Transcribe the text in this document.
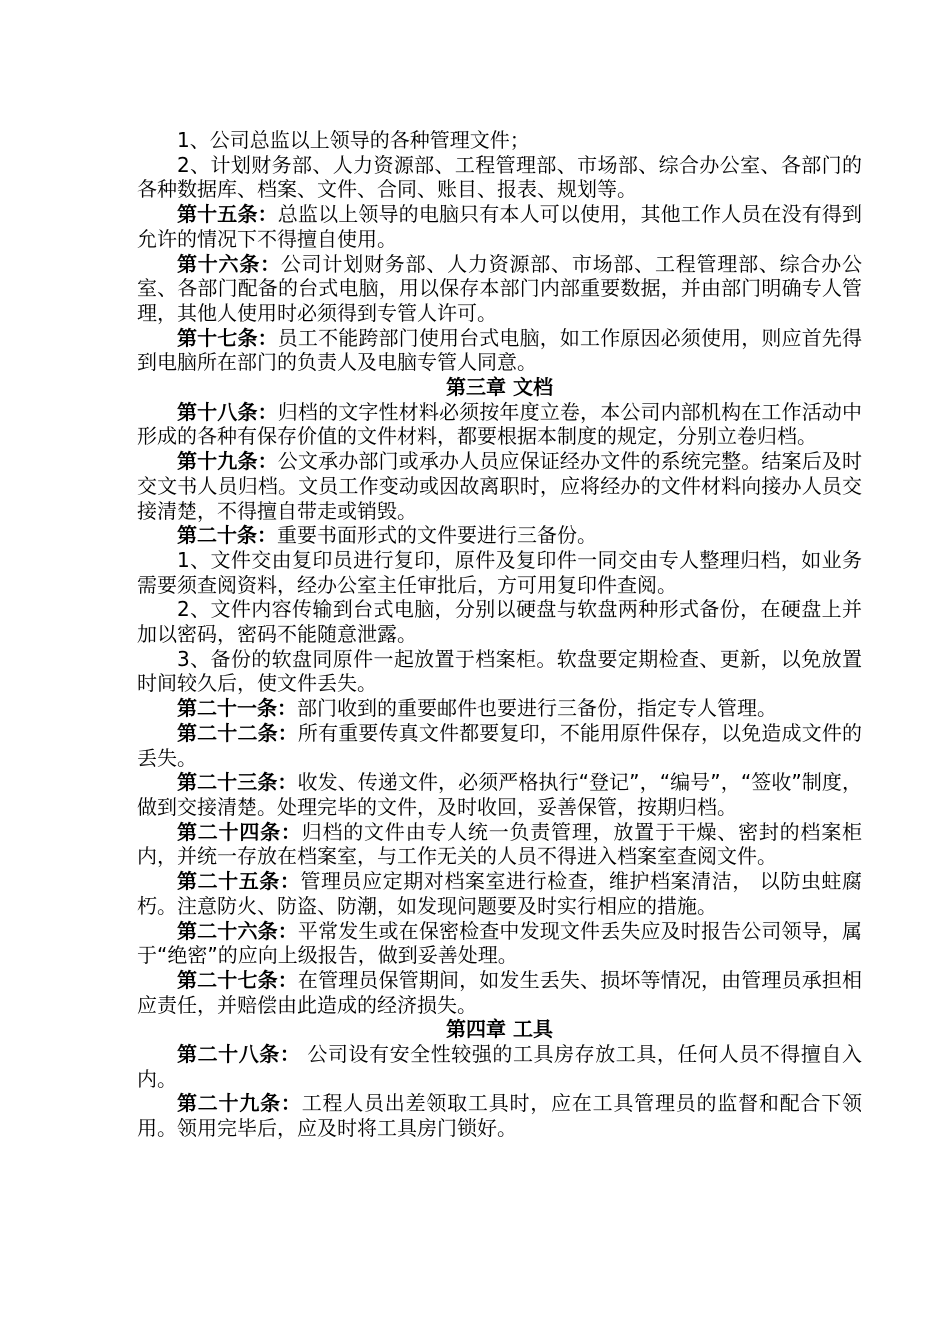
1、公司总监以上领导的各种管理文件；

2、计划财务部、人力资源部、工程管理部、市场部、综合办公室、各部门的各种数据库、档案、文件、合同、账目、报表、规划等。

第十五条：总监以上领导的电脑只有本人可以使用，其他工作人员在没有得到允许的情况下不得擅自使用。

第十六条：公司计划财务部、人力资源部、市场部、工程管理部、综合办公室、各部门配备的台式电脑，用以保存本部门内部重要数据，并由部门明确专人管理，其他人使用时必须得到专管人许可。

第十七条：员工不能跨部门使用台式电脑，如工作原因必须使用，则应首先得到电脑所在部门的负责人及电脑专管人同意。

第三章 文档

第十八条：归档的文字性材料必须按年度立卷，本公司内部机构在工作活动中形成的各种有保存价值的文件材料，都要根据本制度的规定，分别立卷归档。

第十九条：公文承办部门或承办人员应保证经办文件的系统完整。结案后及时交文书人员归档。文员工作变动或因故离职时，应将经办的文件材料向接办人员交接清楚，不得擅自带走或销毁。

第二十条：重要书面形式的文件要进行三备份。

1、文件交由复印员进行复印，原件及复印件一同交由专人整理归档，如业务需要须查阅资料，经办公室主任审批后，方可用复印件查阅。

2、文件内容传输到台式电脑，分别以硬盘与软盘两种形式备份，在硬盘上并加以密码，密码不能随意泄露。

3、备份的软盘同原件一起放置于档案柜。软盘要定期检查、更新，以免放置时间较久后，使文件丢失。

第二十一条：部门收到的重要邮件也要进行三备份，指定专人管理。

第二十二条：所有重要传真文件都要复印，不能用原件保存，以免造成文件的丢失。

第二十三条：收发、传递文件，必须严格执行“登记”，“编号”，“签收”制度，做到交接清楚。处理完毕的文件，及时收回，妥善保管，按期归档。

第二十四条：归档的文件由专人统一负责管理，放置于干燥、密封的档案柜内，并统一存放在档案室，与工作无关的人员不得进入档案室查阅文件。

第二十五条：管理员应定期对档案室进行检查，维护档案清洁， 以防虫蛀腐朽。注意防火、防盗、防潮，如发现问题要及时实行相应的措施。

第二十六条：平常发生或在保密检查中发现文件丢失应及时报告公司领导，属于“绝密”的应向上级报告，做到妥善处理。

第二十七条：在管理员保管期间，如发生丢失、损坏等情况，由管理员承担相应责任，并赔偿由此造成的经济损失。

第四章 工具

第二十八条： 公司设有安全性较强的工具房存放工具，任何人员不得擅自入内。

第二十九条：工程人员出差领取工具时，应在工具管理员的监督和配合下领用。领用完毕后，应及时将工具房门锁好。
